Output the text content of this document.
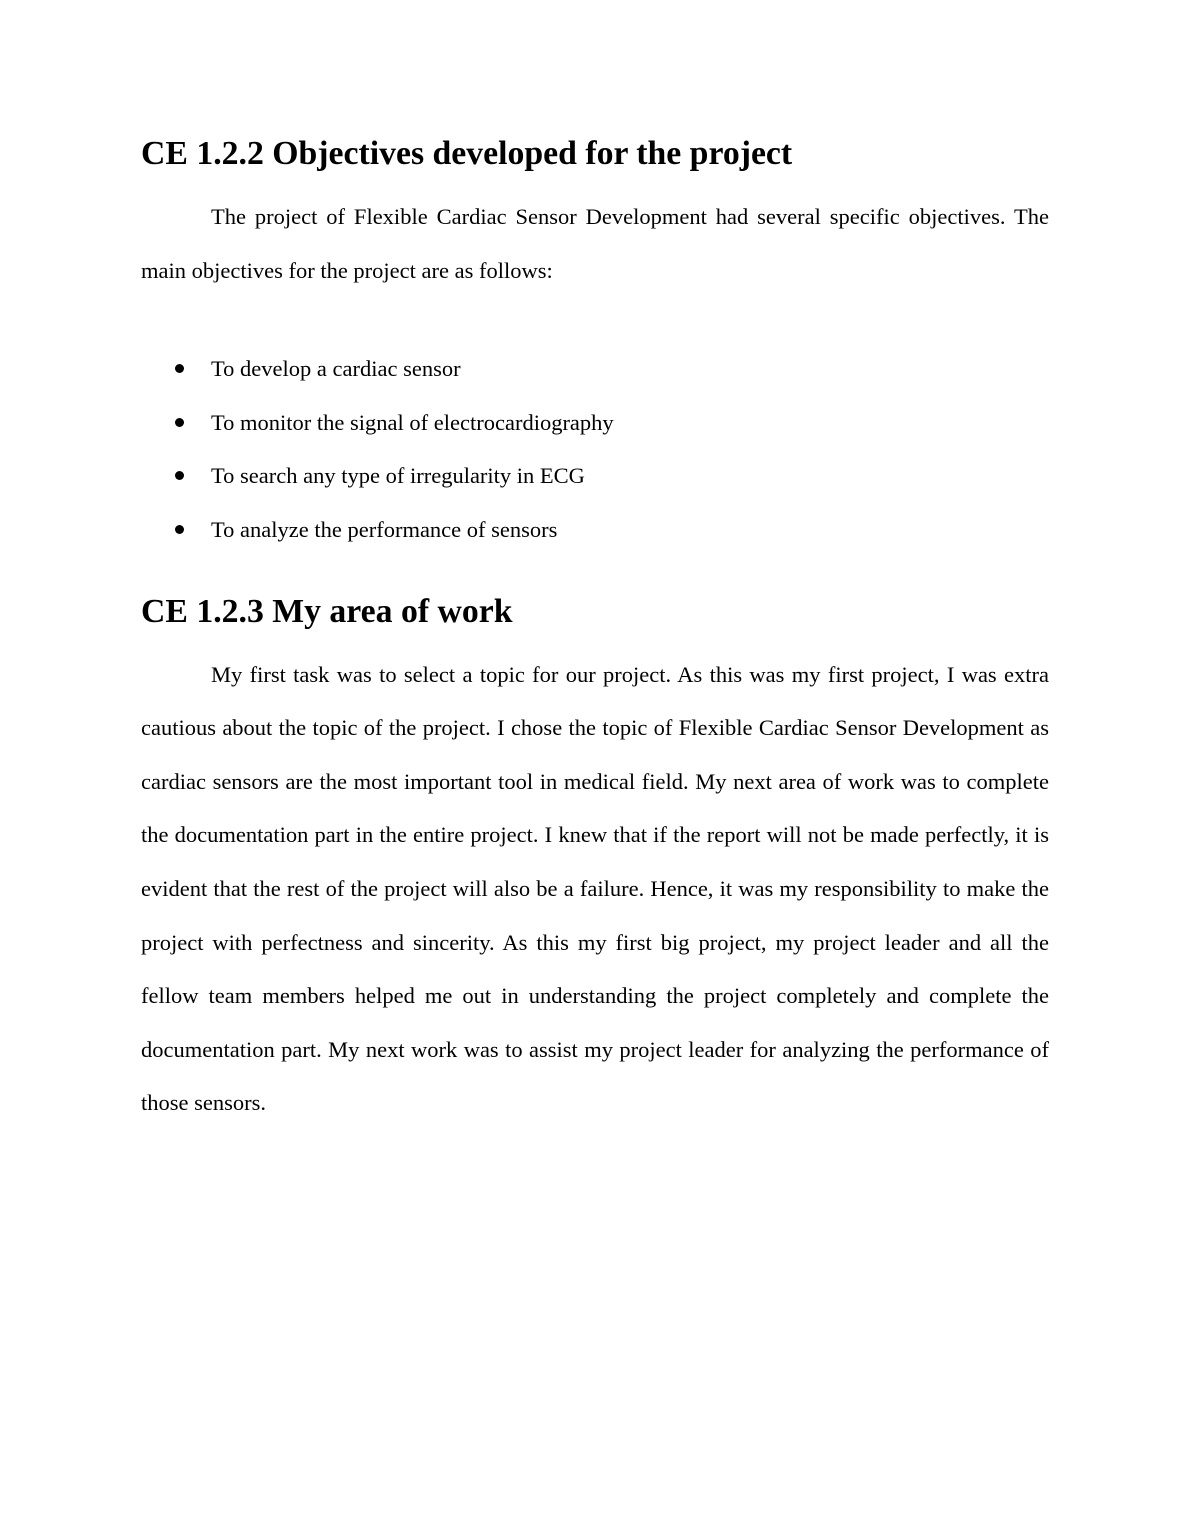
CE 1.2.2 Objectives developed for the project

The project of Flexible Cardiac Sensor Development had several specific objectives. The main objectives for the project are as follows:

To develop a cardiac sensor
To monitor the signal of electrocardiography
To search any type of irregularity in ECG
To analyze the performance of sensors
CE 1.2.3 My area of work

My first task was to select a topic for our project. As this was my first project, I was extra cautious about the topic of the project. I chose the topic of Flexible Cardiac Sensor Development as cardiac sensors are the most important tool in medical field. My next area of work was to complete the documentation part in the entire project. I knew that if the report will not be made perfectly, it is evident that the rest of the project will also be a failure. Hence, it was my responsibility to make the project with perfectness and sincerity. As this my first big project, my project leader and all the fellow team members helped me out in understanding the project completely and complete the documentation part. My next work was to assist my project leader for analyzing the performance of those sensors.
